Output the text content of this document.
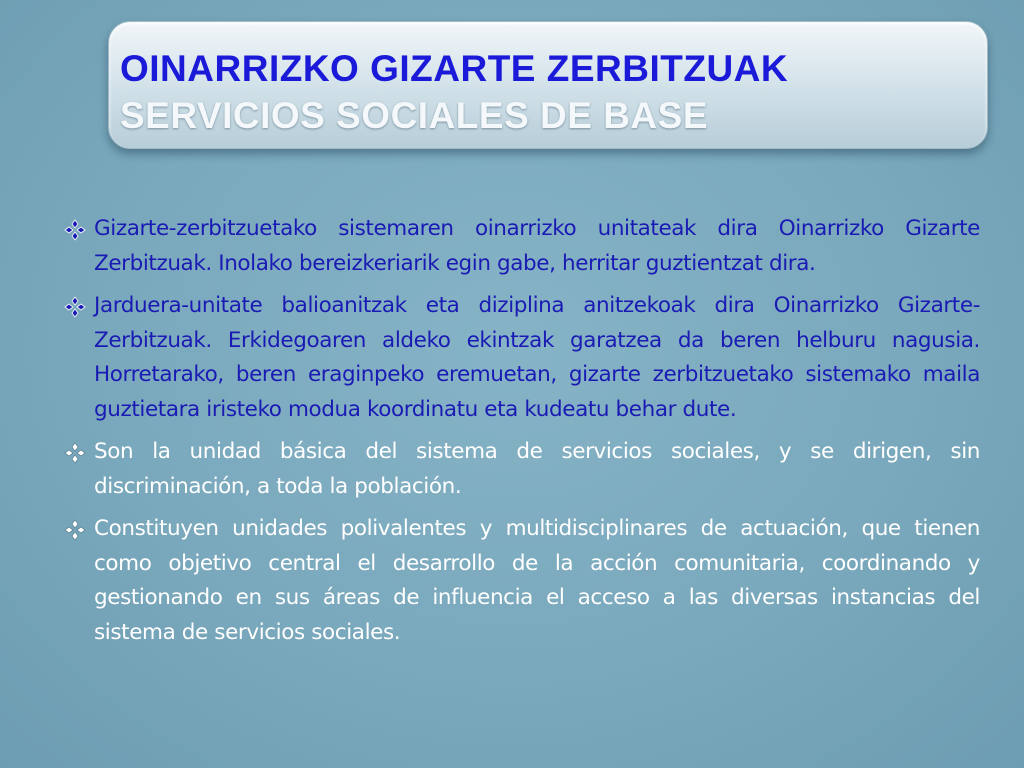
OINARRIZKO GIZARTE ZERBITZUAK
SERVICIOS SOCIALES DE BASE
Gizarte-zerbitzuetako sistemaren oinarrizko unitateak dira Oinarrizko Gizarte Zerbitzuak. Inolako bereizkeriarik egin gabe, herritar guztientzat dira.
Jarduera-unitate balioanitzak eta diziplina anitzekoak dira Oinarrizko Gizarte-Zerbitzuak. Erkidegoaren aldeko ekintzak garatzea da beren helburu nagusia. Horretarako, beren eraginpeko eremuetan, gizarte zerbitzuetako sistemako maila guztietara iristeko modua koordinatu eta kudeatu behar dute.
Son la unidad básica del sistema de servicios sociales, y se dirigen, sin discriminación, a toda la población.
Constituyen unidades polivalentes y multidisciplinares de actuación, que tienen como objetivo central el desarrollo de la acción comunitaria, coordinando y gestionando en sus áreas de influencia el acceso a las diversas instancias del sistema de servicios sociales.
